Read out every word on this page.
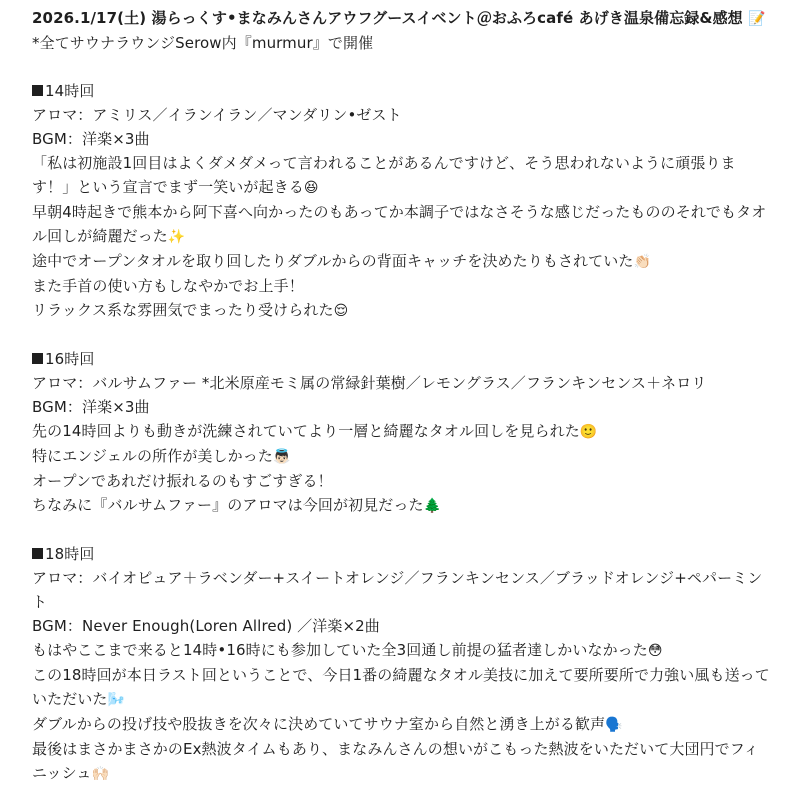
2026.1/17(土) 湯らっくす•まなみんさんアウフグースイベント＠おふろcafé あげき温泉備忘録&感想 📝

*全てサウナラウンジSerow内『murmur』で開催

14時回

アロマ：アミリス／イランイラン／マンダリン•ゼスト

BGM：洋楽×3曲

「私は初施設1回目はよくダメダメって言われることがあるんですけど、そう思われないように頑張ります！」という宣言でまず一笑いが起きる😆

早朝4時起きで熊本から阿下喜へ向かったのもあってか本調子ではなさそうな感じだったもののそれでもタオル回しが綺麗だった✨

途中でオープンタオルを取り回したりダブルからの背面キャッチを決めたりもされていた👏🏻

また手首の使い方もしなやかでお上手！

リラックス系な雰囲気でまったり受けられた😌

16時回

アロマ：バルサムファー *北米原産モミ属の常緑針葉樹／レモングラス／フランキンセンス＋ネロリ

BGM：洋楽×3曲

先の14時回よりも動きが洗練されていてより一層と綺麗なタオル回しを見られた🙂

特にエンジェルの所作が美しかった👼🏻

オープンであれだけ振れるのもすごすぎる！

ちなみに『バルサムファー』のアロマは今回が初見だった🌲

18時回

アロマ：バイオピュア＋ラベンダー+スイートオレンジ／フランキンセンス／ブラッドオレンジ+ペパーミント

BGM：Never Enough(Loren Allred) ／洋楽×2曲

もはやここまで来ると14時•16時にも参加していた全3回通し前提の猛者達しかいなかった😳

この18時回が本日ラスト回ということで、今日1番の綺麗なタオル美技に加えて要所要所で力強い風も送っていただいた🌬️

ダブルからの投げ技や股抜きを次々に決めていてサウナ室から自然と湧き上がる歓声🗣️

最後はまさかまさかのEx熱波タイムもあり、まなみんさんの想いがこもった熱波をいただいて大団円でフィニッシュ🙌🏻
